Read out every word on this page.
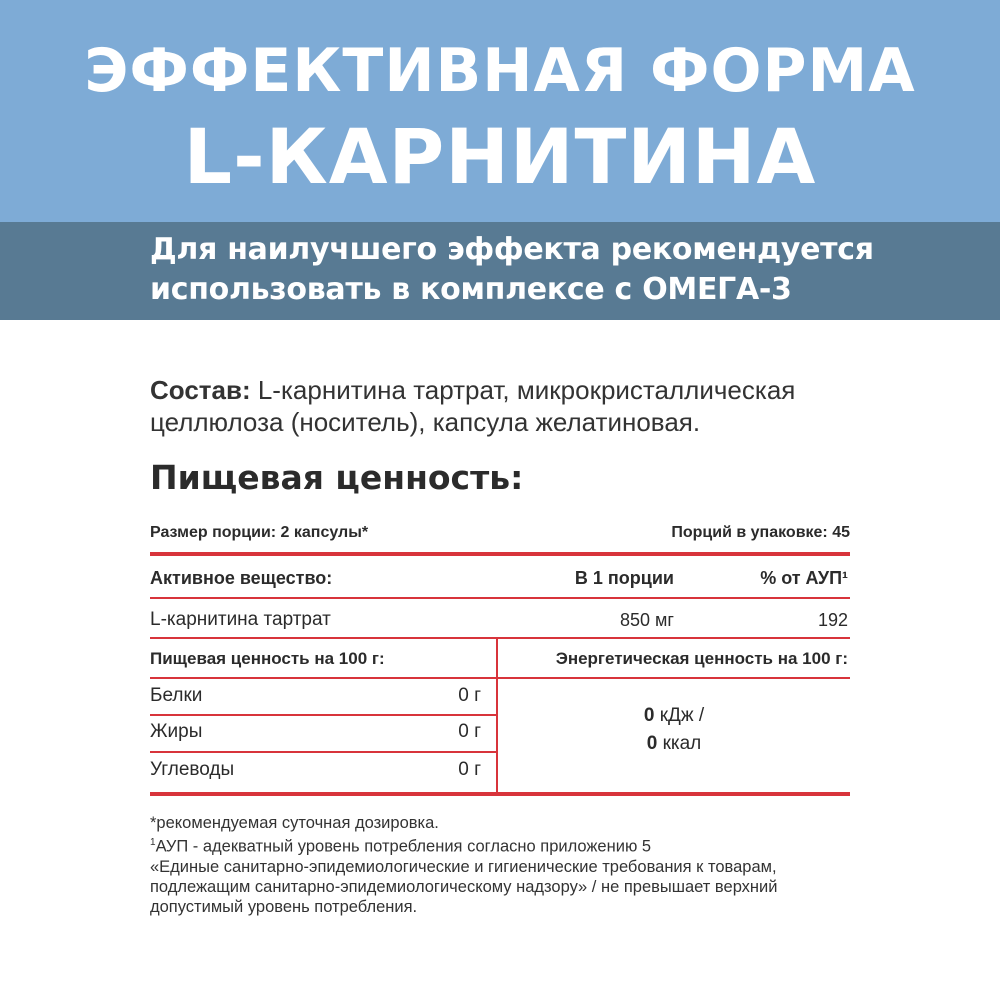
ЭФФЕКТИВНАЯ ФОРМА
L-КАРНИТИНА
Для наилучшего эффекта рекомендуется
использовать в комплексе с ОМЕГА-3
Состав: L-карнитина тартрат, микрокристаллическая целлюлоза (носитель), капсула желатиновая.
Пищевая ценность:
Размер порции: 2 капсулы*	Порций в упаковке: 45
Активное вещество:	В 1 порции	% от АУП¹
L-карнитина тартрат	850 мг	192
Пищевая ценность на 100 г:	Энергетическая ценность на 100 г:
Белки	0 г
Жиры	0 г
Углеводы	0 г
0 кДж /
0 ккал
*рекомендуемая суточная дозировка.
$^1$АУП - адекватный уровень потребления согласно приложению 5
«Единые санитарно-эпидемиологические и гигиенические требования к товарам,
подлежащим санитарно-эпидемиологическому надзору» / не превышает верхний
допустимый уровень потребления.
